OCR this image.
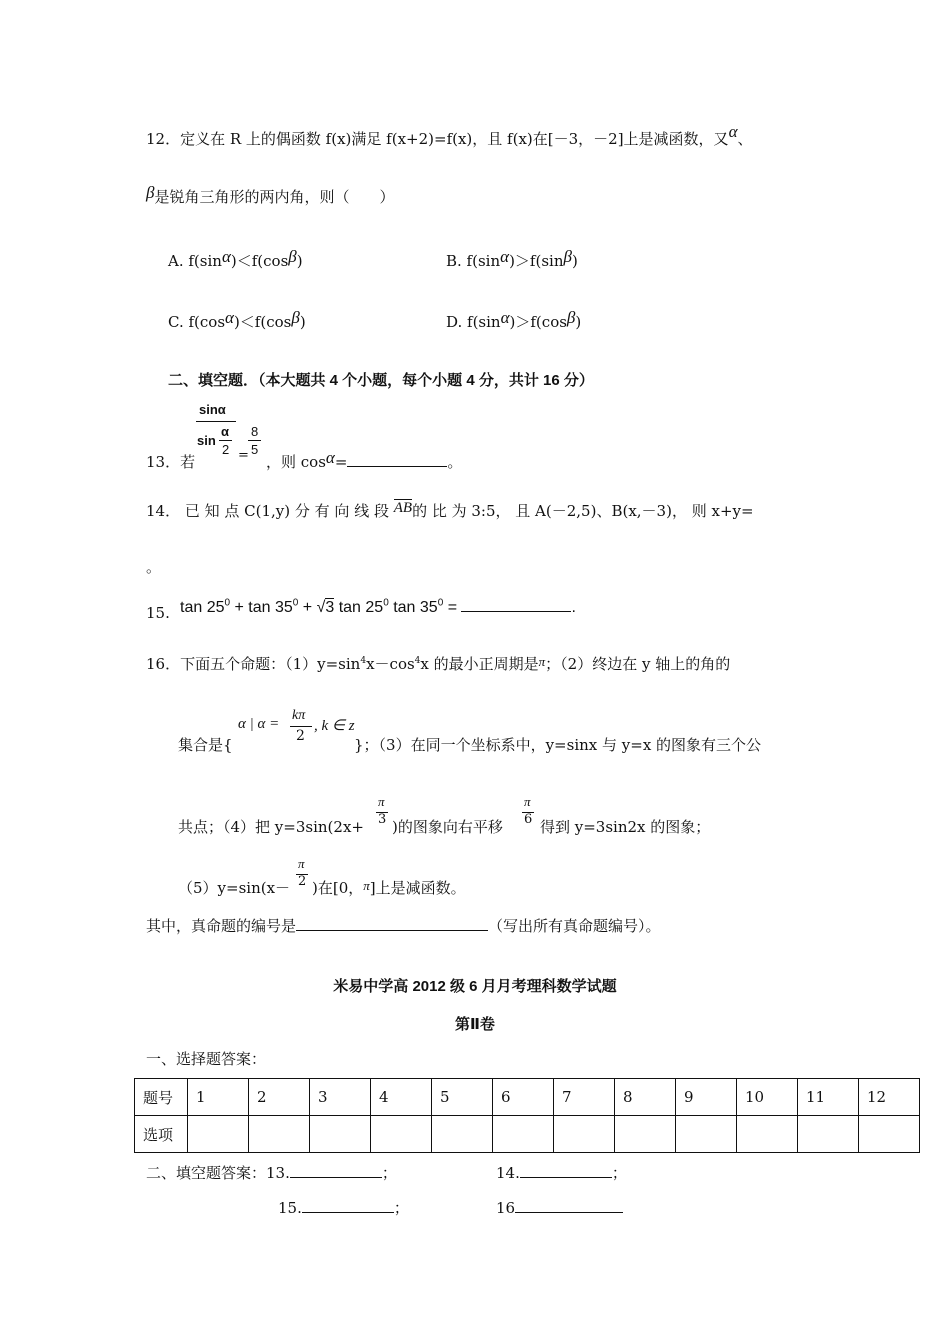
12．定义在 R 上的偶函数 f(x)满足 f(x+2)=f(x)，且 f(x)在[－3，－2]上是减函数，又α、
β是锐角三角形的两内角，则（　　）
A. f(sinα)＜f(cosβ)	B. f(sinα)＞f(sinβ)
C. f(cosα)＜f(cosβ)	D. f(sinα)＞f(cosβ)
二、填空题．（本大题共 4 个小题，每个小题 4 分，共计 16 分）
sinα
sin
α
2
8
5
=
13．若	，则 cosα=	。
14． 已 知 点 C(1,y) 分 有 向 线 段 AB的 比 为 3:5， 且 A(－2,5)、B(x,－3)， 则 x+y=
。
15. $\tan 25^0 + \tan 35^0 + √3$ $\tan 25^0$ $\tan 35^0$ =	.
16．下面五个命题：$(1)y=\sin^4x-\cos^4x$ 的最小正周期是π；（2）终边在 y 轴上的角的
kπ
2
集合是{
α | α = , k ∈ z
}；（3）在同一个坐标系中，y=sinx 与 y=x 的图象有三个公
π
3
π
6
共点；（4）把 y=3sin(2x+ )的图象向右平移 得到 y=3sin2x 的图象；
π
2
（5）y=sin(x－ )在[0，π]上是减函数。
其中，真命题的编号是	（写出所有真命题编号）。
米易中学高 2012 级 6 月月考理科数学试题
第Ⅱ卷
一、选择题答案：
题号	1	2	3	4	5	6	7	8	9	10	11	12
选项												
二、填空题答案：13.	；	14.	；
15.	；	16
